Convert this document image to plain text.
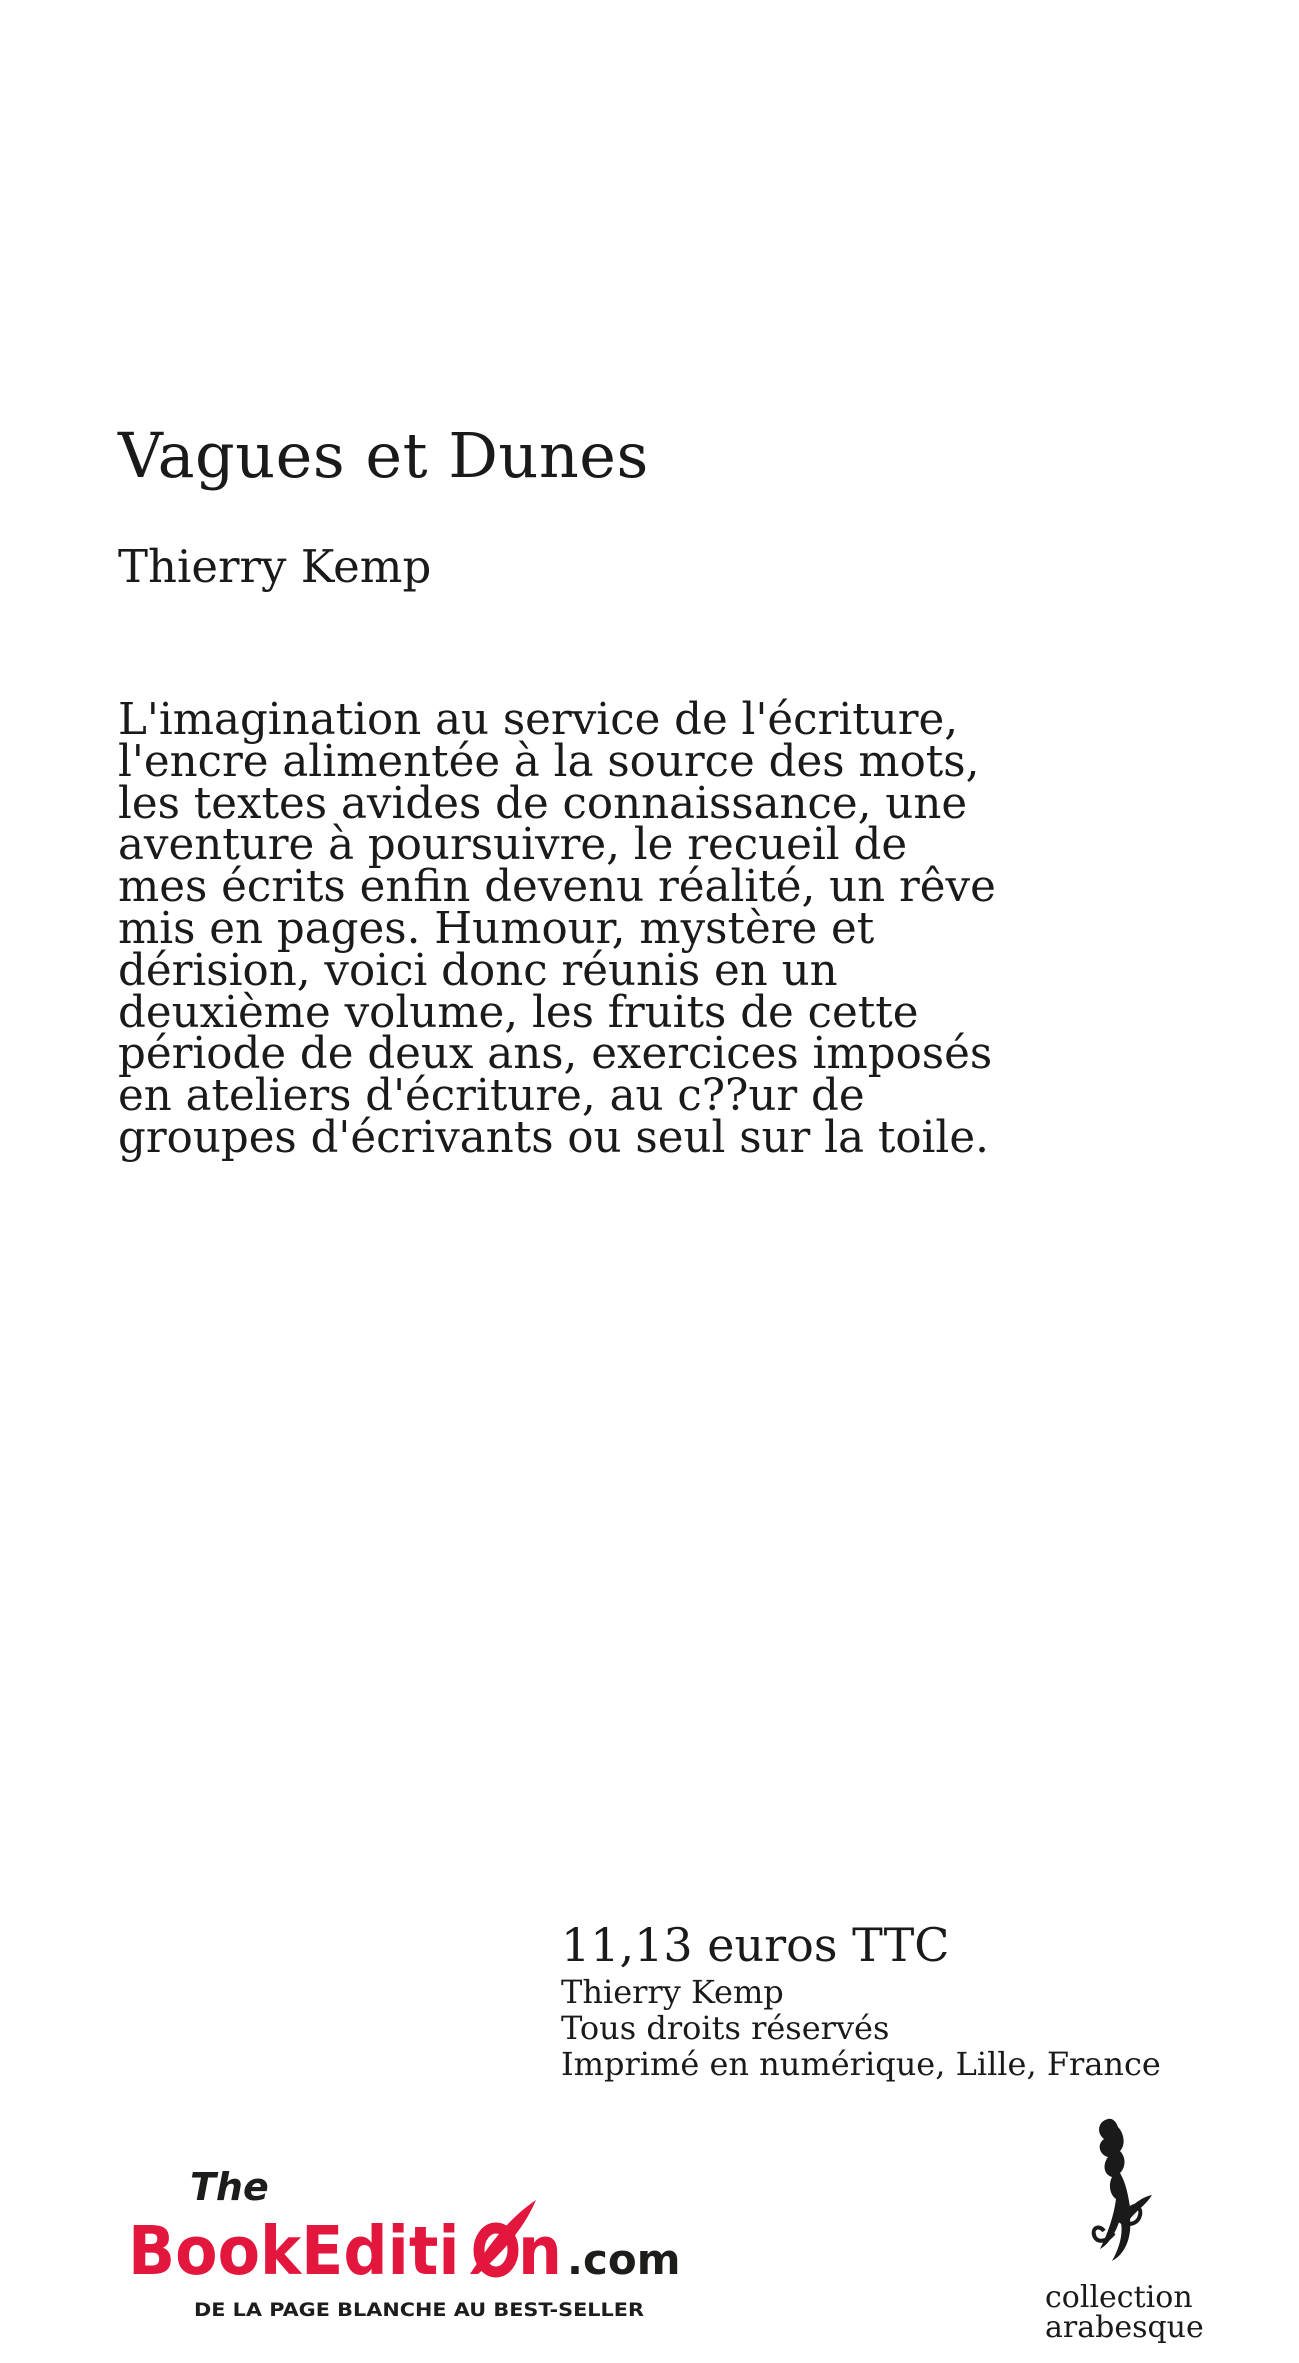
Vagues et Dunes
Thierry Kemp
L'imagination au service de l'écriture,
l'encre alimentée à la source des mots,
les textes avides de connaissance, une
aventure à poursuivre, le recueil de
mes écrits enfin devenu réalité, un rêve
mis en pages. Humour, mystère et
dérision, voici donc réunis en un
deuxième volume, les fruits de cette
période de deux ans, exercices imposés
en ateliers d'écriture, au c??ur de
groupes d'écrivants ou seul sur la toile.
11,13 euros TTC
Thierry Kemp
Tous droits réservés
Imprimé en numérique, Lille, France
The
BookEditi n .com
DE LA PAGE BLANCHE AU BEST-SELLER	collection
arabesque
